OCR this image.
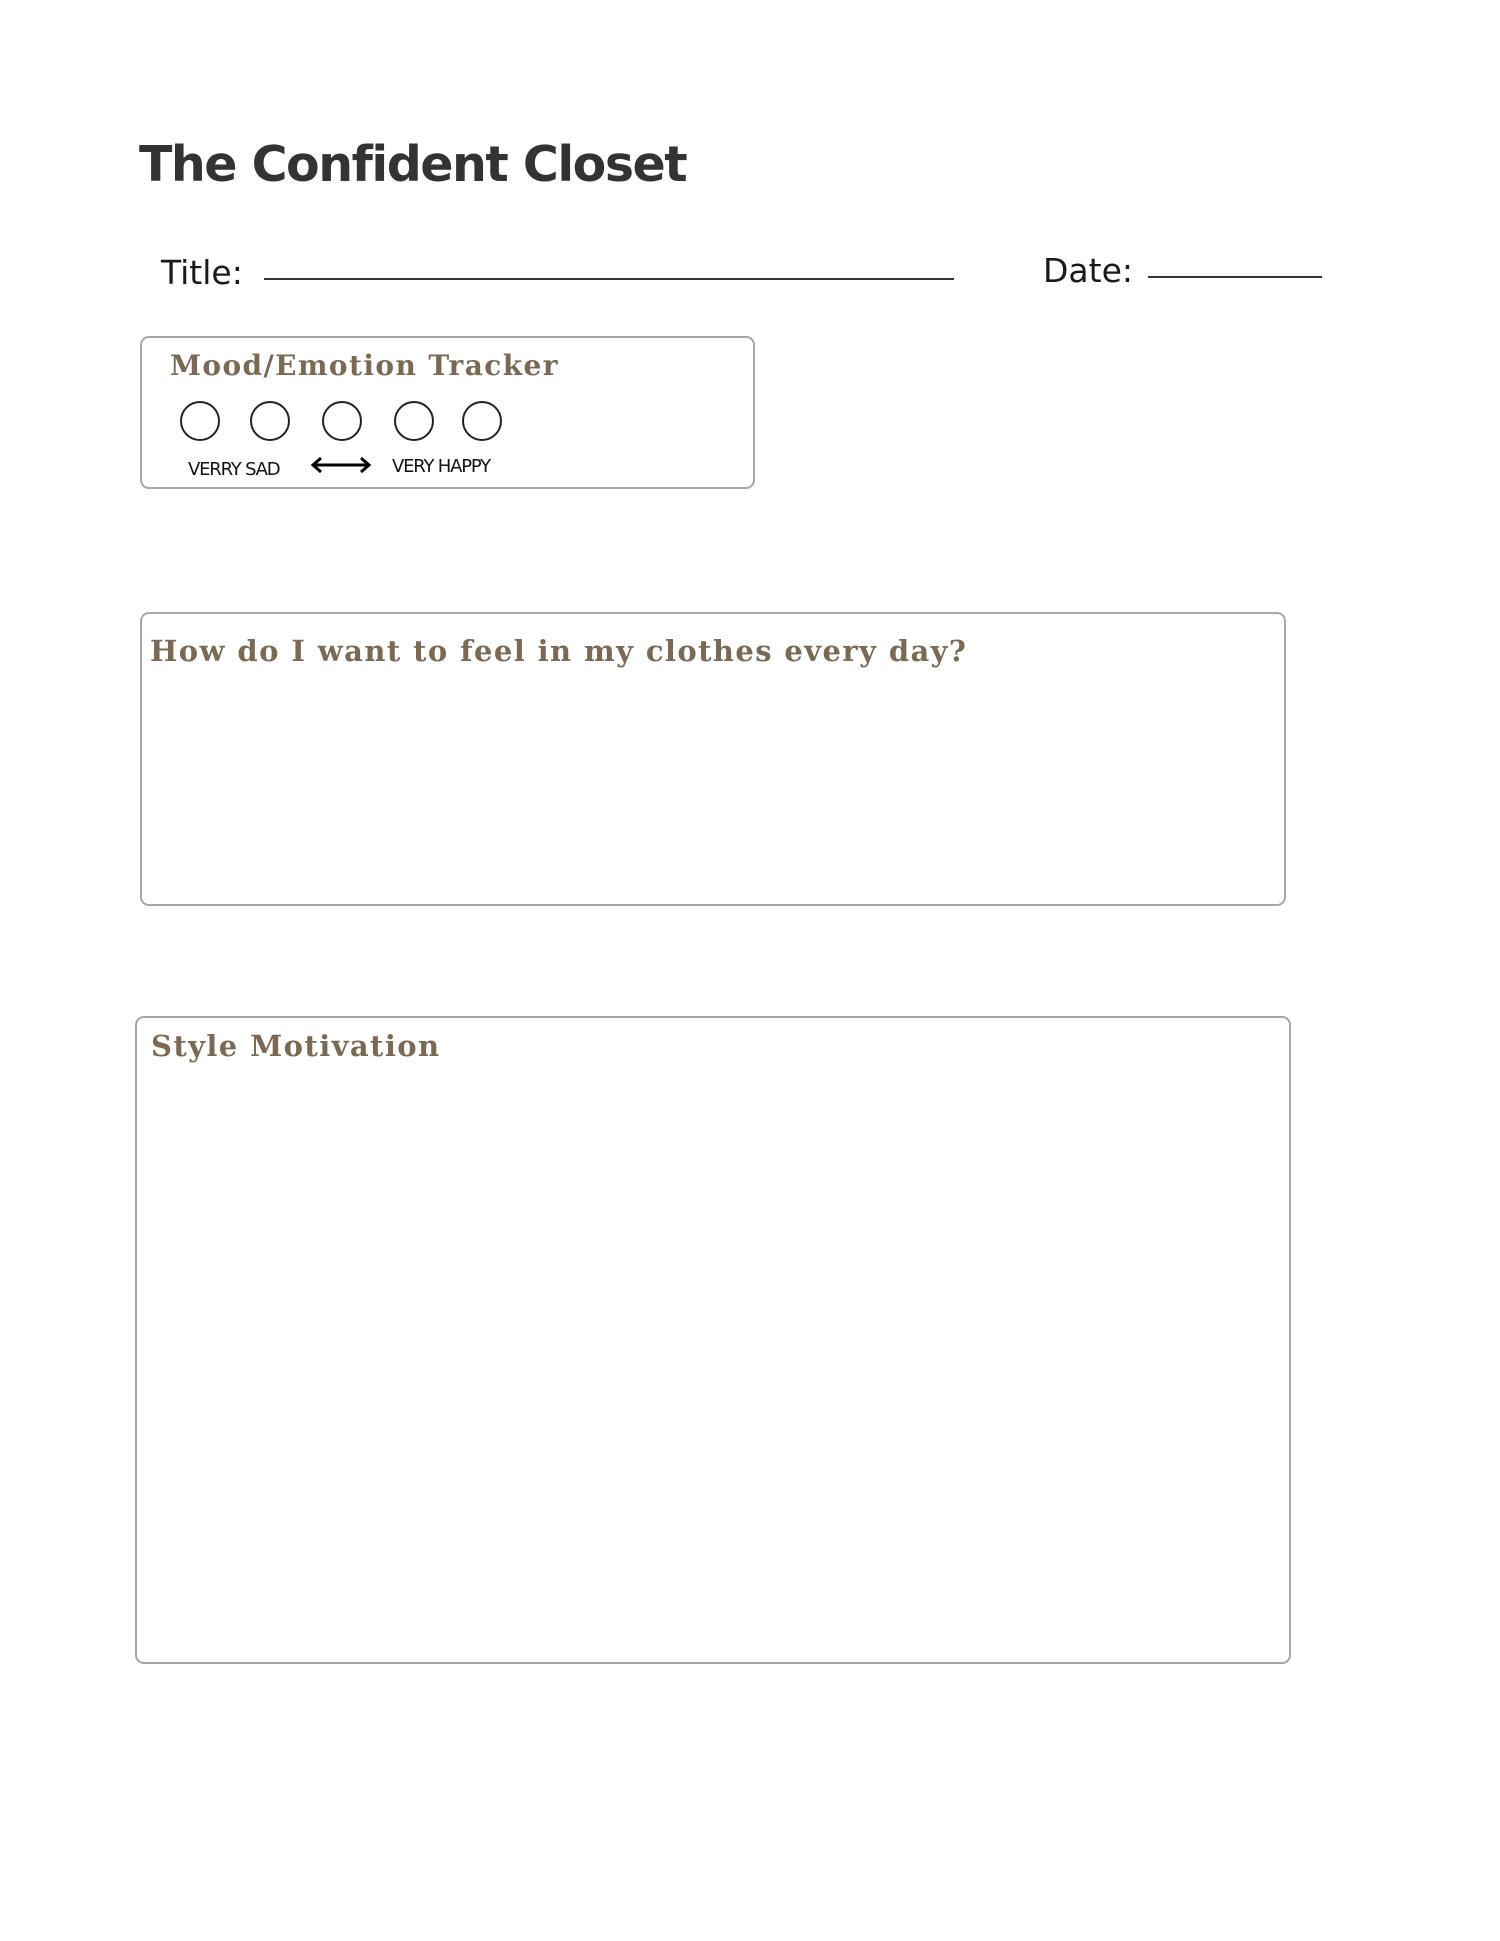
The Confident Closet
Title:	Date:
Mood/Emotion Tracker
VERRY SAD	VERY HAPPY
How do I want to feel in my clothes every day?
Style Motivation
